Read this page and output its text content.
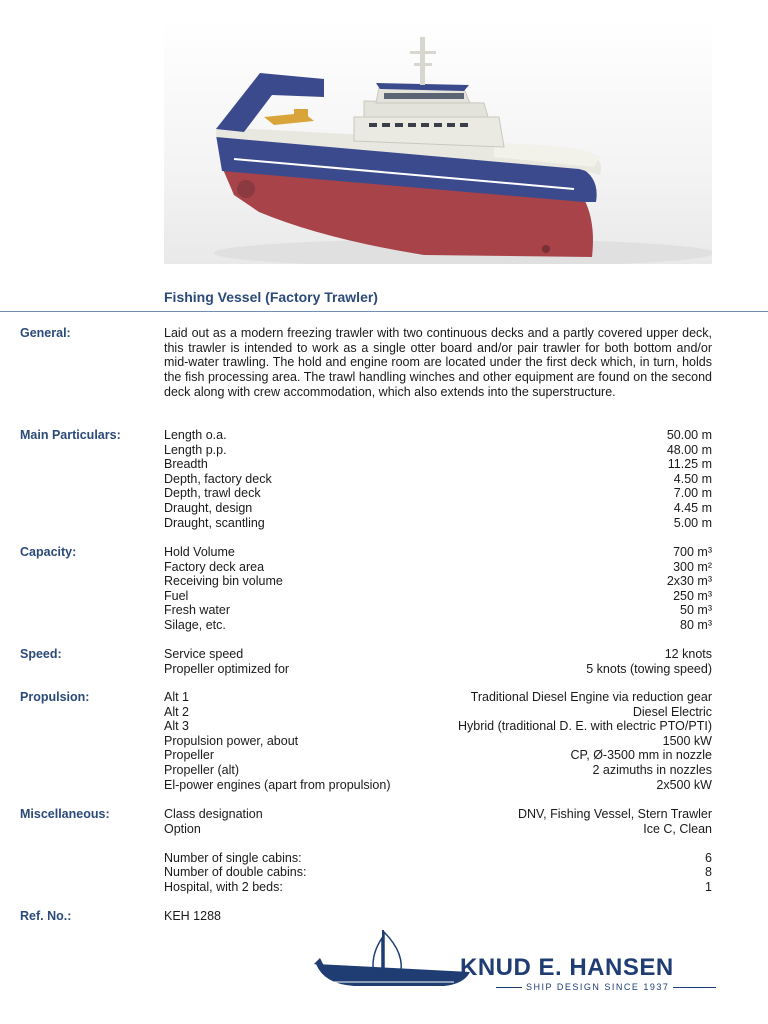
Fishing Vessel (Factory Trawler)
General:	Laid out as a modern freezing trawler with two continuous decks and a partly covered upper deck, this trawler is intended to work as a single otter board and/or pair trawler for both bottom and/or mid-water trawling. The hold and engine room are located under the first deck which, in turn, holds the fish processing area. The trawl handling winches and other equipment are found on the second deck along with crew accommodation, which also extends into the superstructure.
Main Particulars:	Length o.a.	50.00 m
Length p.p.	48.00 m
Breadth	11.25 m
Depth, factory deck	4.50 m
Depth, trawl deck	7.00 m
Draught, design	4.45 m
Draught, scantling	5.00 m
Capacity:	Hold Volume	700 m³
Factory deck area	300 m²
Receiving bin volume	2x30 m³
Fuel	250 m³
Fresh water	50 m³
Silage, etc.	80 m³
Speed:	Service speed	12 knots
Propeller optimized for	5 knots (towing speed)
Propulsion:	Alt 1	Traditional Diesel Engine via reduction gear
Alt 2	Diesel Electric
Alt 3	Hybrid (traditional D. E. with electric PTO/PTI)
Propulsion power, about	1500 kW
Propeller	CP, Ø-3500 mm in nozzle
Propeller (alt)	2 azimuths in nozzles
El-power engines (apart from propulsion)	2x500 kW
Miscellaneous:	Class designation	DNV, Fishing Vessel, Stern Trawler
Option	Ice C, Clean
Number of single cabins:	6
Number of double cabins:	8
Hospital, with 2 beds:	1
Ref. No.:	KEH 1288
KNUD E. HANSEN
SHIP DESIGN SINCE 1937
